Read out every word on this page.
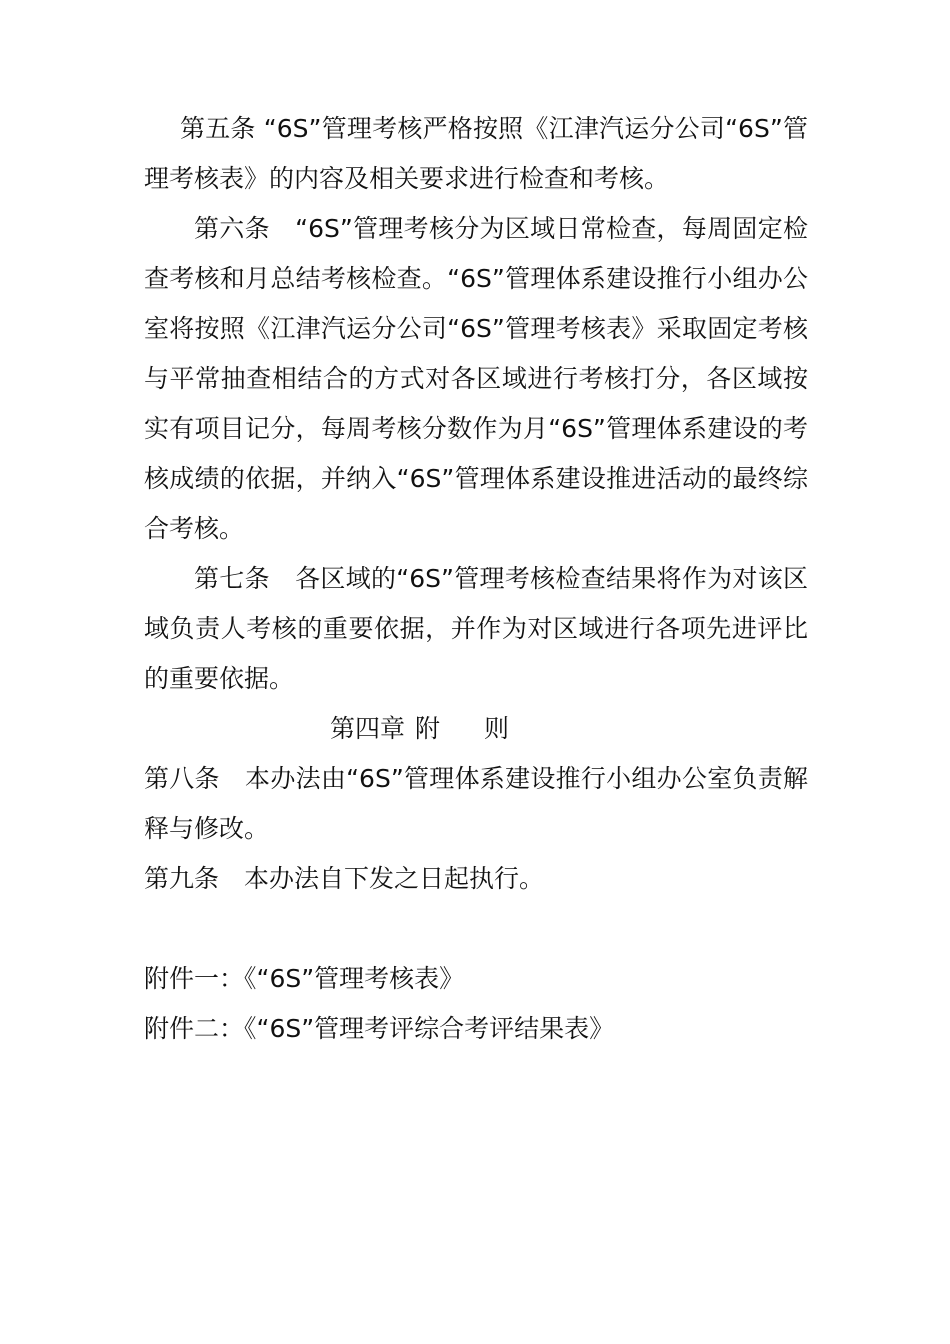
第五条 “6S”管理考核严格按照《江津汽运分公司“6S”管理考核表》的内容及相关要求进行检查和考核。

第六条　“6S”管理考核分为区域日常检查，每周固定检查考核和月总结考核检查。“6S”管理体系建设推行小组办公室将按照《江津汽运分公司“6S”管理考核表》采取固定考核与平常抽查相结合的方式对各区域进行考核打分，各区域按实有项目记分，每周考核分数作为月“6S”管理体系建设的考核成绩的依据，并纳入“6S”管理体系建设推进活动的最终综合考核。

第七条　各区域的“6S”管理考核检查结果将作为对该区域负责人考核的重要依据，并作为对区域进行各项先进评比的重要依据。

第四章 附 则

第八条　本办法由“6S”管理体系建设推行小组办公室负责解释与修改。

第九条　本办法自下发之日起执行。

附件一：《“6S”管理考核表》

附件二：《“6S”管理考评综合考评结果表》
